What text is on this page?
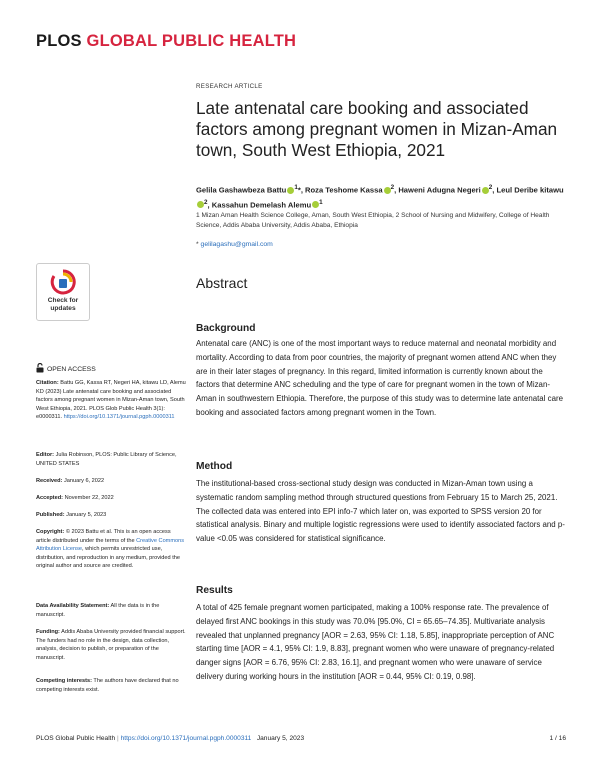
PLOS GLOBAL PUBLIC HEALTH
RESEARCH ARTICLE
Late antenatal care booking and associated factors among pregnant women in Mizan-Aman town, South West Ethiopia, 2021
Gelila Gashawbeza Battu $^1$*, Roza Teshome Kassa $^2$, Haweni Adugna Negeri $^2$, Leul Deribe kitawu$^2$, Kassahun Demelash Alemu $^1$
1 Mizan Aman Health Science College, Aman, South West Ethiopia, 2 School of Nursing and Midwifery, College of Health Science, Addis Ababa University, Addis Ababa, Ethiopia
* gelilagashu@gmail.com
Abstract
Background

Antenatal care (ANC) is one of the most important ways to reduce maternal and neonatal morbidity and mortality. According to data from poor countries, the majority of pregnant women attend ANC when they are in their later stages of pregnancy. In this regard, limited information is currently known about the factors that determine ANC scheduling and the type of care for pregnant women in the town of Mizan-Aman in southwestern Ethiopia. Therefore, the purpose of this study was to determine late antenatal care booking and associated factors among pregnant women in the Town.

Method

The institutional-based cross-sectional study design was conducted in Mizan-Aman town using a systematic random sampling method through structured questions from February 15 to March 25, 2021. The collected data was entered into EPI info-7 which later on, was exported to SPSS version 20 for statistical analysis. Binary and multiple logistic regressions were used to identify associated factors and p-value <0.05 was considered for statistical significance.

Results

A total of 425 female pregnant women participated, making a 100% response rate. The prevalence of delayed first ANC bookings in this study was 70.0% [95.0%, CI = 65.65–74.35]. Multivariate analysis revealed that unplanned pregnancy [AOR = 2.63, 95% CI: 1.18, 5.85], inappropriate perception of ANC starting time [AOR = 4.1, 95% CI: 1.9, 8.83], pregnant women who were unaware of pregnancy-related danger signs [AOR = 6.76, 95% CI: 2.83, 16.1], and pregnant women who were unaware of service delivery during working hours in the institution [AOR = 0.44, 95% CI: 0.19, 0.98].

Check for
updates
OPEN ACCESS

Citation: Battu GG, Kassa RT, Negeri HA, kitawu LD, Alemu KD (2023) Late antenatal care booking and associated factors among pregnant women in Mizan-Aman town, South West Ethiopia, 2021. PLOS Glob Public Health 3(1): e0000311. https://doi.org/10.1371/journal.pgph.0000311

Editor: Julia Robinson, PLOS: Public Library of Science, UNITED STATES

Received: January 6, 2022

Accepted: November 22, 2022

Published: January 5, 2023

Copyright: © 2023 Battu et al. This is an open access article distributed under the terms of the Creative Commons Attribution License, which permits unrestricted use, distribution, and reproduction in any medium, provided the original author and source are credited.

Data Availability Statement: All the data is in the manuscript.

Funding: Addis Ababa University provided financial support. The funders had no role in the design, data collection, analysis, decision to publish, or preparation of the manuscript.

Competing interests: The authors have declared that no competing interests exist.

PLOS Global Public Health | https://doi.org/10.1371/journal.pgph.0000311 January 5, 2023	1 / 16
